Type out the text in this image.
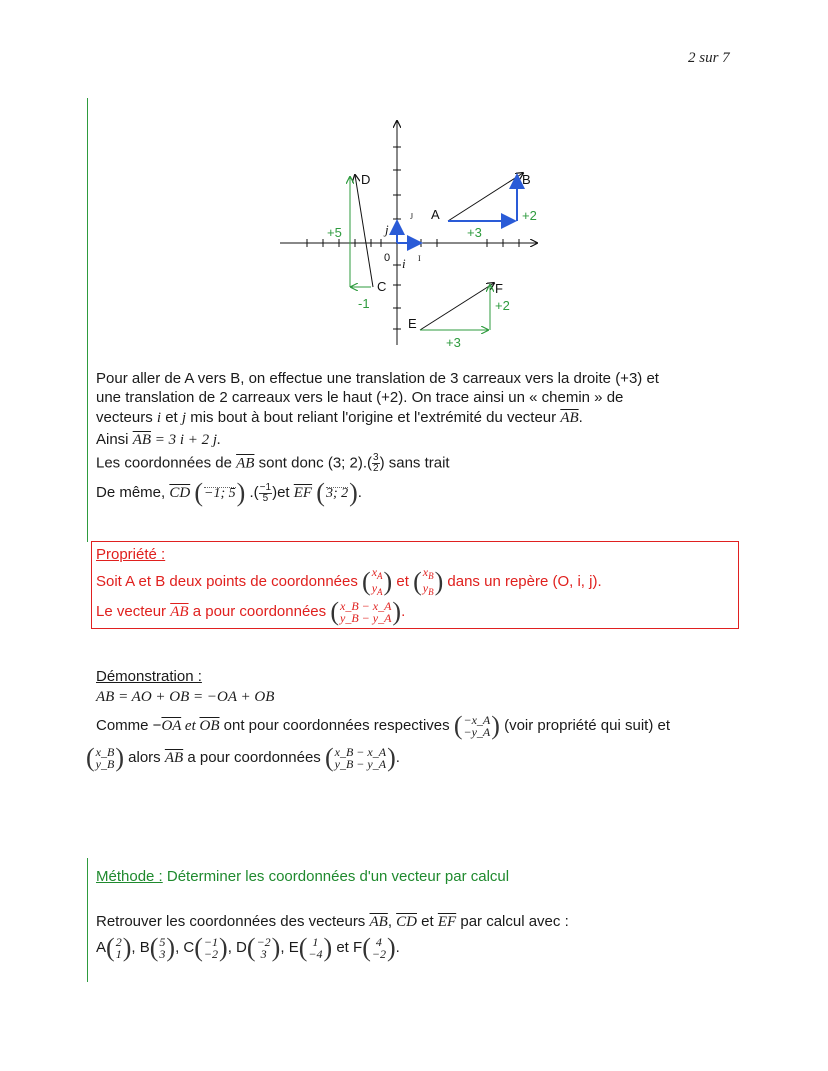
2 sur 7
D
C
A
B
E
F
0	I
J
j
i
+5
-1
+3
+2
+3
+2
Pour aller de A vers B, on effectue une translation de 3 carreaux vers la droite (+3) et
une translation de 2 carreaux vers le haut (+2). On trace ainsi un « chemin » de
vecteurs i et j mis bout à bout reliant l'origine et l'extrémité du vecteur $\overline{AB}$.
Ainsi $\overline{AB} = 3$ i + 2 j.
Les coordonnées de $\overline{AB}$ sont donc (3; $2).( \frac{3}{2}$ ) sans trait
De même, $\overline{CD}$ ( −1; 5 ) .( $\frac{-1}{5} )et$ $\overline{EF}$ ( 3; 2 ) .
Propriété :
Soit A et B deux points de coordonnées ( $x_A$
$y_A$ ) et ( $x_B$
$y_B$ ) dans un repère (O, i, j).
Le vecteur $\overline{AB}$ a pour coordonnées ( x_B − x_A
y_B − y_A ) .
Démonstration :
AB = AO + OB = −OA + OB
Comme $-\overline{OA}$ et $\overline{OB}$ ont pour coordonnées respectives ( −x_A
−y_A ) (voir propriété qui suit) et
( x_B
y_B ) alors $\overline{AB}$ a pour coordonnées ( x_B − x_A
y_B − y_A ) .
Méthode : Déterminer les coordonnées d'un vecteur par calcul
Retrouver les coordonnées des vecteurs $\overline{AB}$, $\overline{CD}$ et $\overline{EF}$ par calcul avec :
A ( 2
1 ) , B ( 5
3 ) , C ( −1
−2 ) , D ( −2
3 ) , E ( 1
−4 ) et F ( 4
−2 ) .
